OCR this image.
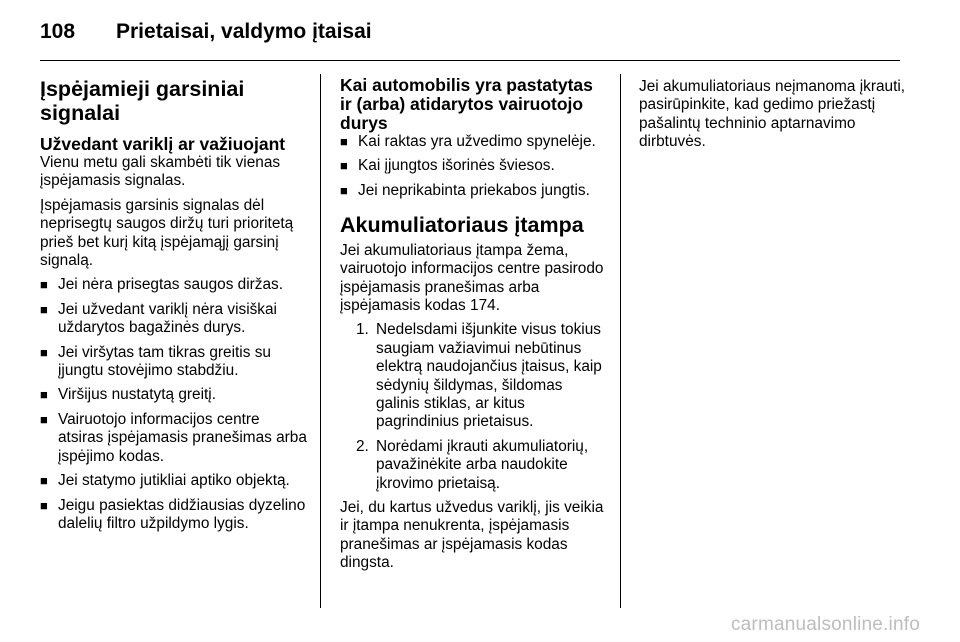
108 Prietaisai, valdymo įtaisai
Įspėjamieji garsiniai signalai
Užvedant variklį ar važiuojant

Vienu metu gali skambėti tik vienas įspėjamasis signalas.

Įspėjamasis garsinis signalas dėl neprisegtų saugos diržų turi prioritetą prieš bet kurį kitą įspėjamąjį garsinį signalą.

■ Jei nėra prisegtas saugos diržas.
■ Jei užvedant variklį nėra visiškai uždarytos bagažinės durys.
■ Jei viršytas tam tikras greitis su įjungtu stovėjimo stabdžiu.
■ Viršijus nustatytą greitį.
■ Vairuotojo informacijos centre atsiras įspėjamasis pranešimas arba įspėjimo kodas.
■ Jei statymo jutikliai aptiko objektą.
■ Jeigu pasiektas didžiausias dyzelino dalelių filtro užpildymo lygis.
Kai automobilis yra pastatytas ir (arba) atidarytos vairuotojo durys
■ Kai raktas yra užvedimo spynelėje.
■ Kai įjungtos išorinės šviesos.
■ Jei neprikabinta priekabos jungtis.
Akumuliatoriaus įtampa

Jei akumuliatoriaus įtampa žema, vairuotojo informacijos centre pasirodo įspėjamasis pranešimas arba įspėjamasis kodas 174.

1. Nedelsdami išjunkite visus tokius saugiam važiavimui nebūtinus elektrą naudojančius įtaisus, kaip sėdynių šildymas, šildomas galinis stiklas, ar kitus pagrindinius prietaisus.
2. Norėdami įkrauti akumuliatorių, pavažinėkite arba naudokite įkrovimo prietaisą.

Jei, du kartus užvedus variklį, jis veikia ir įtampa nenukrenta, įspėjamasis pranešimas ar įspėjamasis kodas dingsta.

Jei akumuliatoriaus neįmanoma įkrauti, pasirūpinkite, kad gedimo priežastį pašalintų techninio aptarnavimo dirbtuvės.

carmanualsonline.info
